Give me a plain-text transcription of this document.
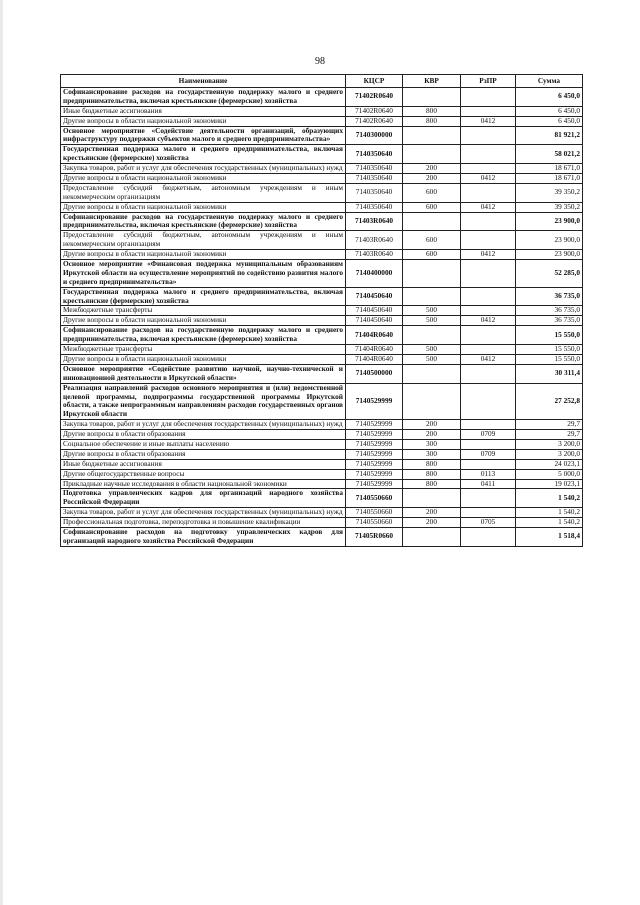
98
Наименование	КЦСР	КВР	РзПР	Сумма
Софинансирование расходов на государственную поддержку малого и среднего предпринимательства, включая крестьянские (фермерские) хозяйства	71402R0640			6 450,0
Иные бюджетные ассигнования	71402R0640	800		6 450,0
Другие вопросы в области национальной экономики	71402R0640	800	0412	6 450,0
Основное мероприятие «Содействие деятельности организаций, образующих инфраструктуру поддержки субъектов малого и среднего предпринимательства»	7140300000			81 921,2
Государственная поддержка малого и среднего предпринимательства, включая крестьянские (фермерские) хозяйства	7140350640			58 021,2
Закупка товаров, работ и услуг для обеспечения государственных (муниципальных) нужд	7140350640	200		18 671,0
Другие вопросы в области национальной экономики	7140350640	200	0412	18 671,0
Предоставление субсидий бюджетным, автономным учреждениям и иным некоммерческим организациям	7140350640	600		39 350,2
Другие вопросы в области национальной экономики	7140350640	600	0412	39 350,2
Софинансирование расходов на государственную поддержку малого и среднего предпринимательства, включая крестьянские (фермерские) хозяйства	71403R0640			23 900,0
Предоставление субсидий бюджетным, автономным учреждениям и иным некоммерческим организациям	71403R0640	600		23 900,0
Другие вопросы в области национальной экономики	71403R0640	600	0412	23 900,0
Основное мероприятие «Финансовая поддержка муниципальным образованиям Иркутской области на осуществление мероприятий по содействию развития малого и среднего предпринимательства»	7140400000			52 285,0
Государственная поддержка малого и среднего предпринимательства, включая крестьянские (фермерские) хозяйства	7140450640			36 735,0
Межбюджетные трансферты	7140450640	500		36 735,0
Другие вопросы в области национальной экономики	7140450640	500	0412	36 735,0
Софинансирование расходов на государственную поддержку малого и среднего предпринимательства, включая крестьянские (фермерские) хозяйства	71404R0640			15 550,0
Межбюджетные трансферты	71404R0640	500		15 550,0
Другие вопросы в области национальной экономики	71404R0640	500	0412	15 550,0
Основное мероприятие «Содействие развитию научной, научно-технической и инновационной деятельности в Иркутской области»	7140500000			30 311,4
Реализация направлений расходов основного мероприятия и (или) ведомственной целевой программы, подпрограммы государственной программы Иркутской области, а также непрограммным направлениям расходов государственных органов Иркутской области	7140529999			27 252,8
Закупка товаров, работ и услуг для обеспечения государственных (муниципальных) нужд	7140529999	200		29,7
Другие вопросы в области образования	7140529999	200	0709	29,7
Социальное обеспечение и иные выплаты населению	7140529999	300		3 200,0
Другие вопросы в области образования	7140529999	300	0709	3 200,0
Иные бюджетные ассигнования	7140529999	800		24 023,1
Другие общегосударственные вопросы	7140529999	800	0113	5 000,0
Прикладные научные исследования в области национальной экономики	7140529999	800	0411	19 023,1
Подготовка управленческих кадров для организаций народного хозяйства Российской Федерации	7140550660			1 540,2
Закупка товаров, работ и услуг для обеспечения государственных (муниципальных) нужд	7140550660	200		1 540,2
Профессиональная подготовка, переподготовка и повышение квалификации	7140550660	200	0705	1 540,2
Софинансирование расходов на подготовку управленческих кадров для организаций народного хозяйства Российской Федерации	71405R0660			1 518,4
